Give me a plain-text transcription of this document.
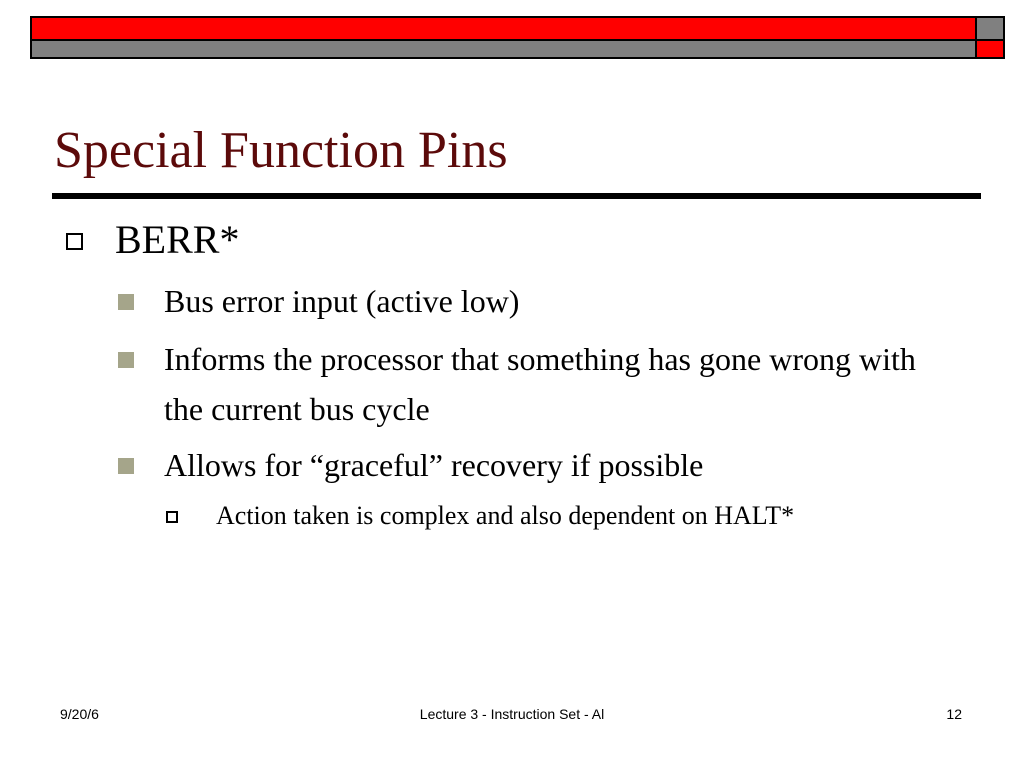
Special Function Pins
BERR*
Bus error input (active low)
Informs the processor that something has gone wrong with the current bus cycle
Allows for “graceful” recovery if possible
Action taken is complex and also dependent on HALT*
9/20/6	Lecture 3 - Instruction Set - Al	12
